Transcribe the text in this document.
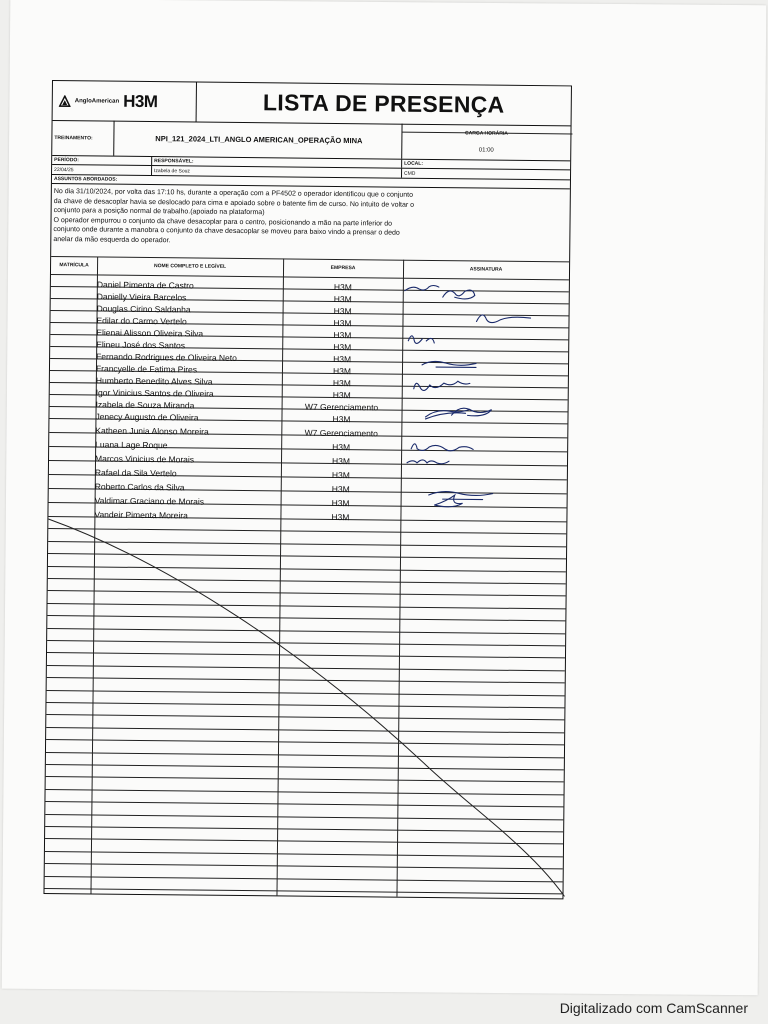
AngloAmerican H3M	LISTA DE PRESENÇA
TREINAMENTO:	NPI_121_2024_LTI_ANGLO AMERICAN_OPERAÇÃO MINA
CARGA HORÁRIA
01:00
PERÍODO:	RESPONSÁVEL:	LOCAL:
22/04/25	Izabela de Souz	CMD
ASSUNTOS ABORDADOS:
No dia 31/10/2024, por volta das 17:10 hs, durante a operação com a PF4502 o operador identificou que o conjunto
da chave de desacoplar havia se deslocado para cima e apoiado sobre o batente fim de curso. No intuito de voltar o
conjunto para a posição normal de trabalho.(apoiado na plataforma)
O operador empurrou o conjunto da chave desacoplar para o centro, posicionando a mão na parte inferior do
conjunto onde durante a manobra o conjunto da chave desacoplar se moveu para baixo vindo a prensar o dedo
anelar da mão esquerda do operador.
MATRÍCULA	NOME COMPLETO E LEGÍVEL	EMPRESA	ASSINATURA
Daniel Pimenta de Castro	H3M
Danielly Vieira Barcelos	H3M
Douglas Cirino Saldanha	H3M
Edilar do Carmo Vertelo	H3M
Elienai Alisson Oliveira Silva	H3M
Elineu José dos Santos	H3M
Fernando Rodrigues de Oliveira Neto	H3M
Francyelle de Fatima Pires	H3M
Humberto Benedito Alves Silva	H3M
Igor Vinicius Santos de Oliveira	H3M
Izabela de Souza Miranda	W7 Gerenciamento
Jenecy Augusto de Oliveira	H3M
Katheen Junia Alonso Moreira	W7 Gerenciamento
Luana Lage Roque	H3M
Marcos Vinicius de Morais	H3M
Rafael da Sila Vertelo	H3M
Roberto Carlos da Silva	H3M
Valdimar Graciano de Morais	H3M
Vandeir Pimenta Moreira	H3M
Digitalizado com CamScanner
